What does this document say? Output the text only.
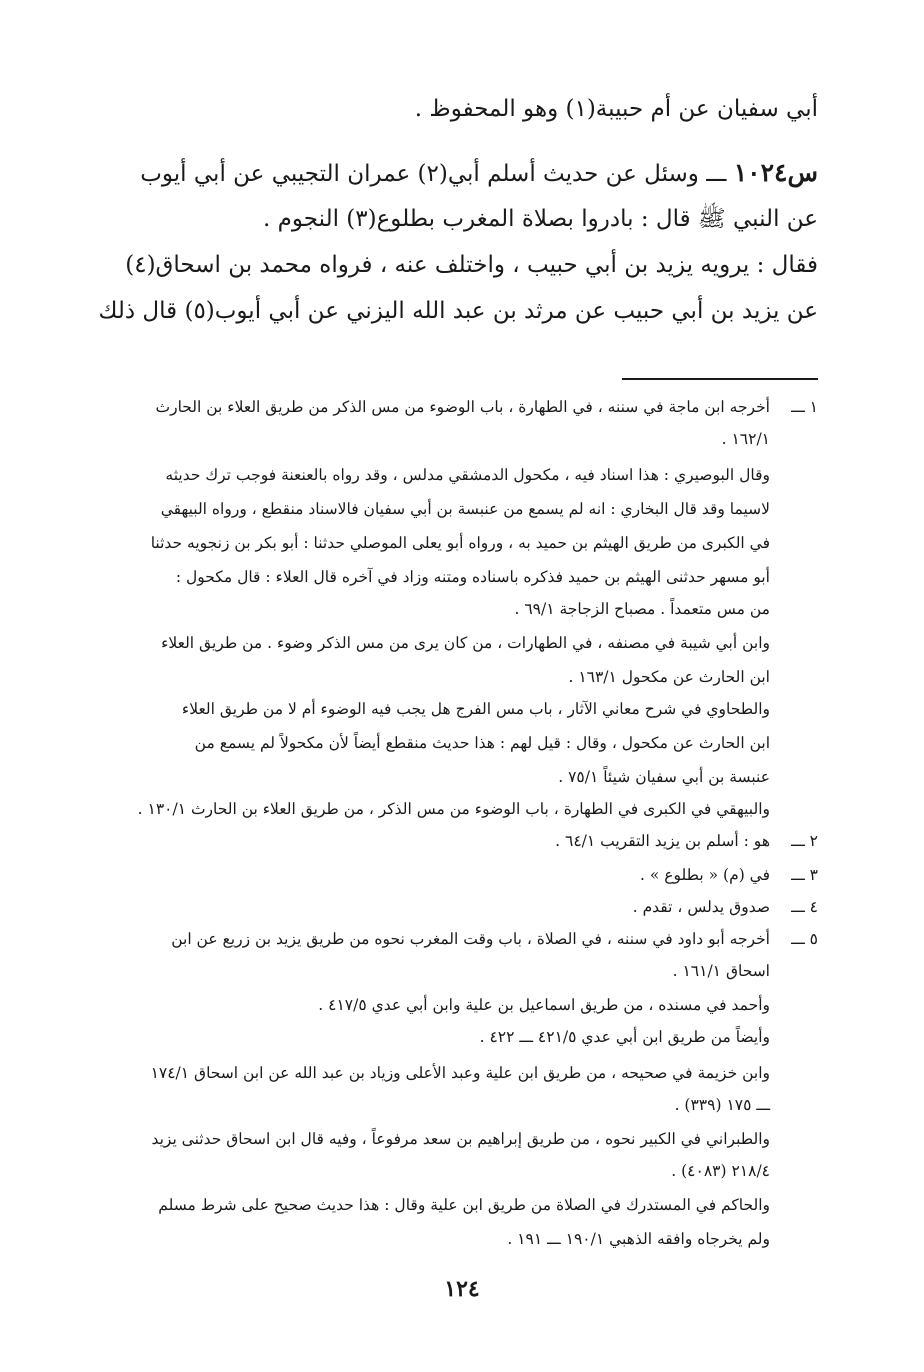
أبي سفيان عن أم حبيبة(١) وهو المحفوظ .
س١٠٢٤ ـــ وسئل عن حديث أسلم أبي(٢) عمران التجيبي عن أبي أيوب
عن النبي ﷺ قال : بادروا بصلاة المغرب بطلوع(٣) النجوم .
فقال : يرويه يزيد بن أبي حبيب ، واختلف عنه ، فرواه محمد بن اسحاق(٤)
عن يزيد بن أبي حبيب عن مرثد بن عبد الله اليزني عن أبي أيوب(٥) قال ذلك
١ ـــ
أخرجه ابن ماجة في سننه ، في الطهارة ، باب الوضوء من مس الذكر من طريق العلاء بن الحارث
١٦٢/١ .
وقال البوصيري : هذا اسناد فيه ، مكحول الدمشقي مدلس ، وقد رواه بالعنعنة فوجب ترك حديثه
لاسيما وقد قال البخاري : انه لم يسمع من عنبسة بن أبي سفيان فالاسناد منقطع ، ورواه البيهقي
في الكبرى من طريق الهيثم بن حميد به ، ورواه أبو يعلى الموصلي حدثنا : أبو بكر بن زنجويه حدثنا
أبو مسهر حدثنى الهيثم بن حميد فذكره باسناده ومتنه وزاد في آخره قال العلاء : قال مكحول :
من مس متعمداً . مصباح الزجاجة ٦٩/١ .
وابن أبي شيبة في مصنفه ، في الطهارات ، من كان يرى من مس الذكر وضوء . من طريق العلاء
ابن الحارث عن مكحول ١٦٣/١ .
والطحاوي في شرح معاني الآثار ، باب مس الفرج هل يجب فيه الوضوء أم لا من طريق العلاء
ابن الحارث عن مكحول ، وقال : قيل لهم : هذا حديث منقطع أيضاً لأن مكحولاً لم يسمع من
عنبسة بن أبي سفيان شيئاً ٧٥/١ .
والبيهقي في الكبرى في الطهارة ، باب الوضوء من مس الذكر ، من طريق العلاء بن الحارث ١٣٠/١ .
٢ ـــ
هو : أسلم بن يزيد التقريب ٦٤/١ .
٣ ـــ
في (م) « بطلوع » .
٤ ـــ
صدوق يدلس ، تقدم .
٥ ـــ
أخرجه أبو داود في سننه ، في الصلاة ، باب وقت المغرب نحوه من طريق يزيد بن زريع عن ابن
اسحاق ١٦١/١ .
وأحمد في مسنده ، من طريق اسماعيل بن علية وابن أبي عدي ٤١٧/٥ .
وأيضاً من طريق ابن أبي عدي ٤٢١/٥ ـــ ٤٢٢ .
وابن خزيمة في صحيحه ، من طريق ابن علية وعبد الأعلى وزياد بن عبد الله عن ابن اسحاق ١٧٤/١
ـــ ١٧٥ (٣٣٩) .
والطبراني في الكبير نحوه ، من طريق إبراهيم بن سعد مرفوعاً ، وفيه قال ابن اسحاق حدثنى يزيد
٢١٨/٤ (٤٠٨٣) .
والحاكم في المستدرك في الصلاة من طريق ابن علية وقال : هذا حديث صحيح على شرط مسلم
ولم يخرجاه وافقه الذهبي ١٩٠/١ ـــ ١٩١ .
١٢٤
